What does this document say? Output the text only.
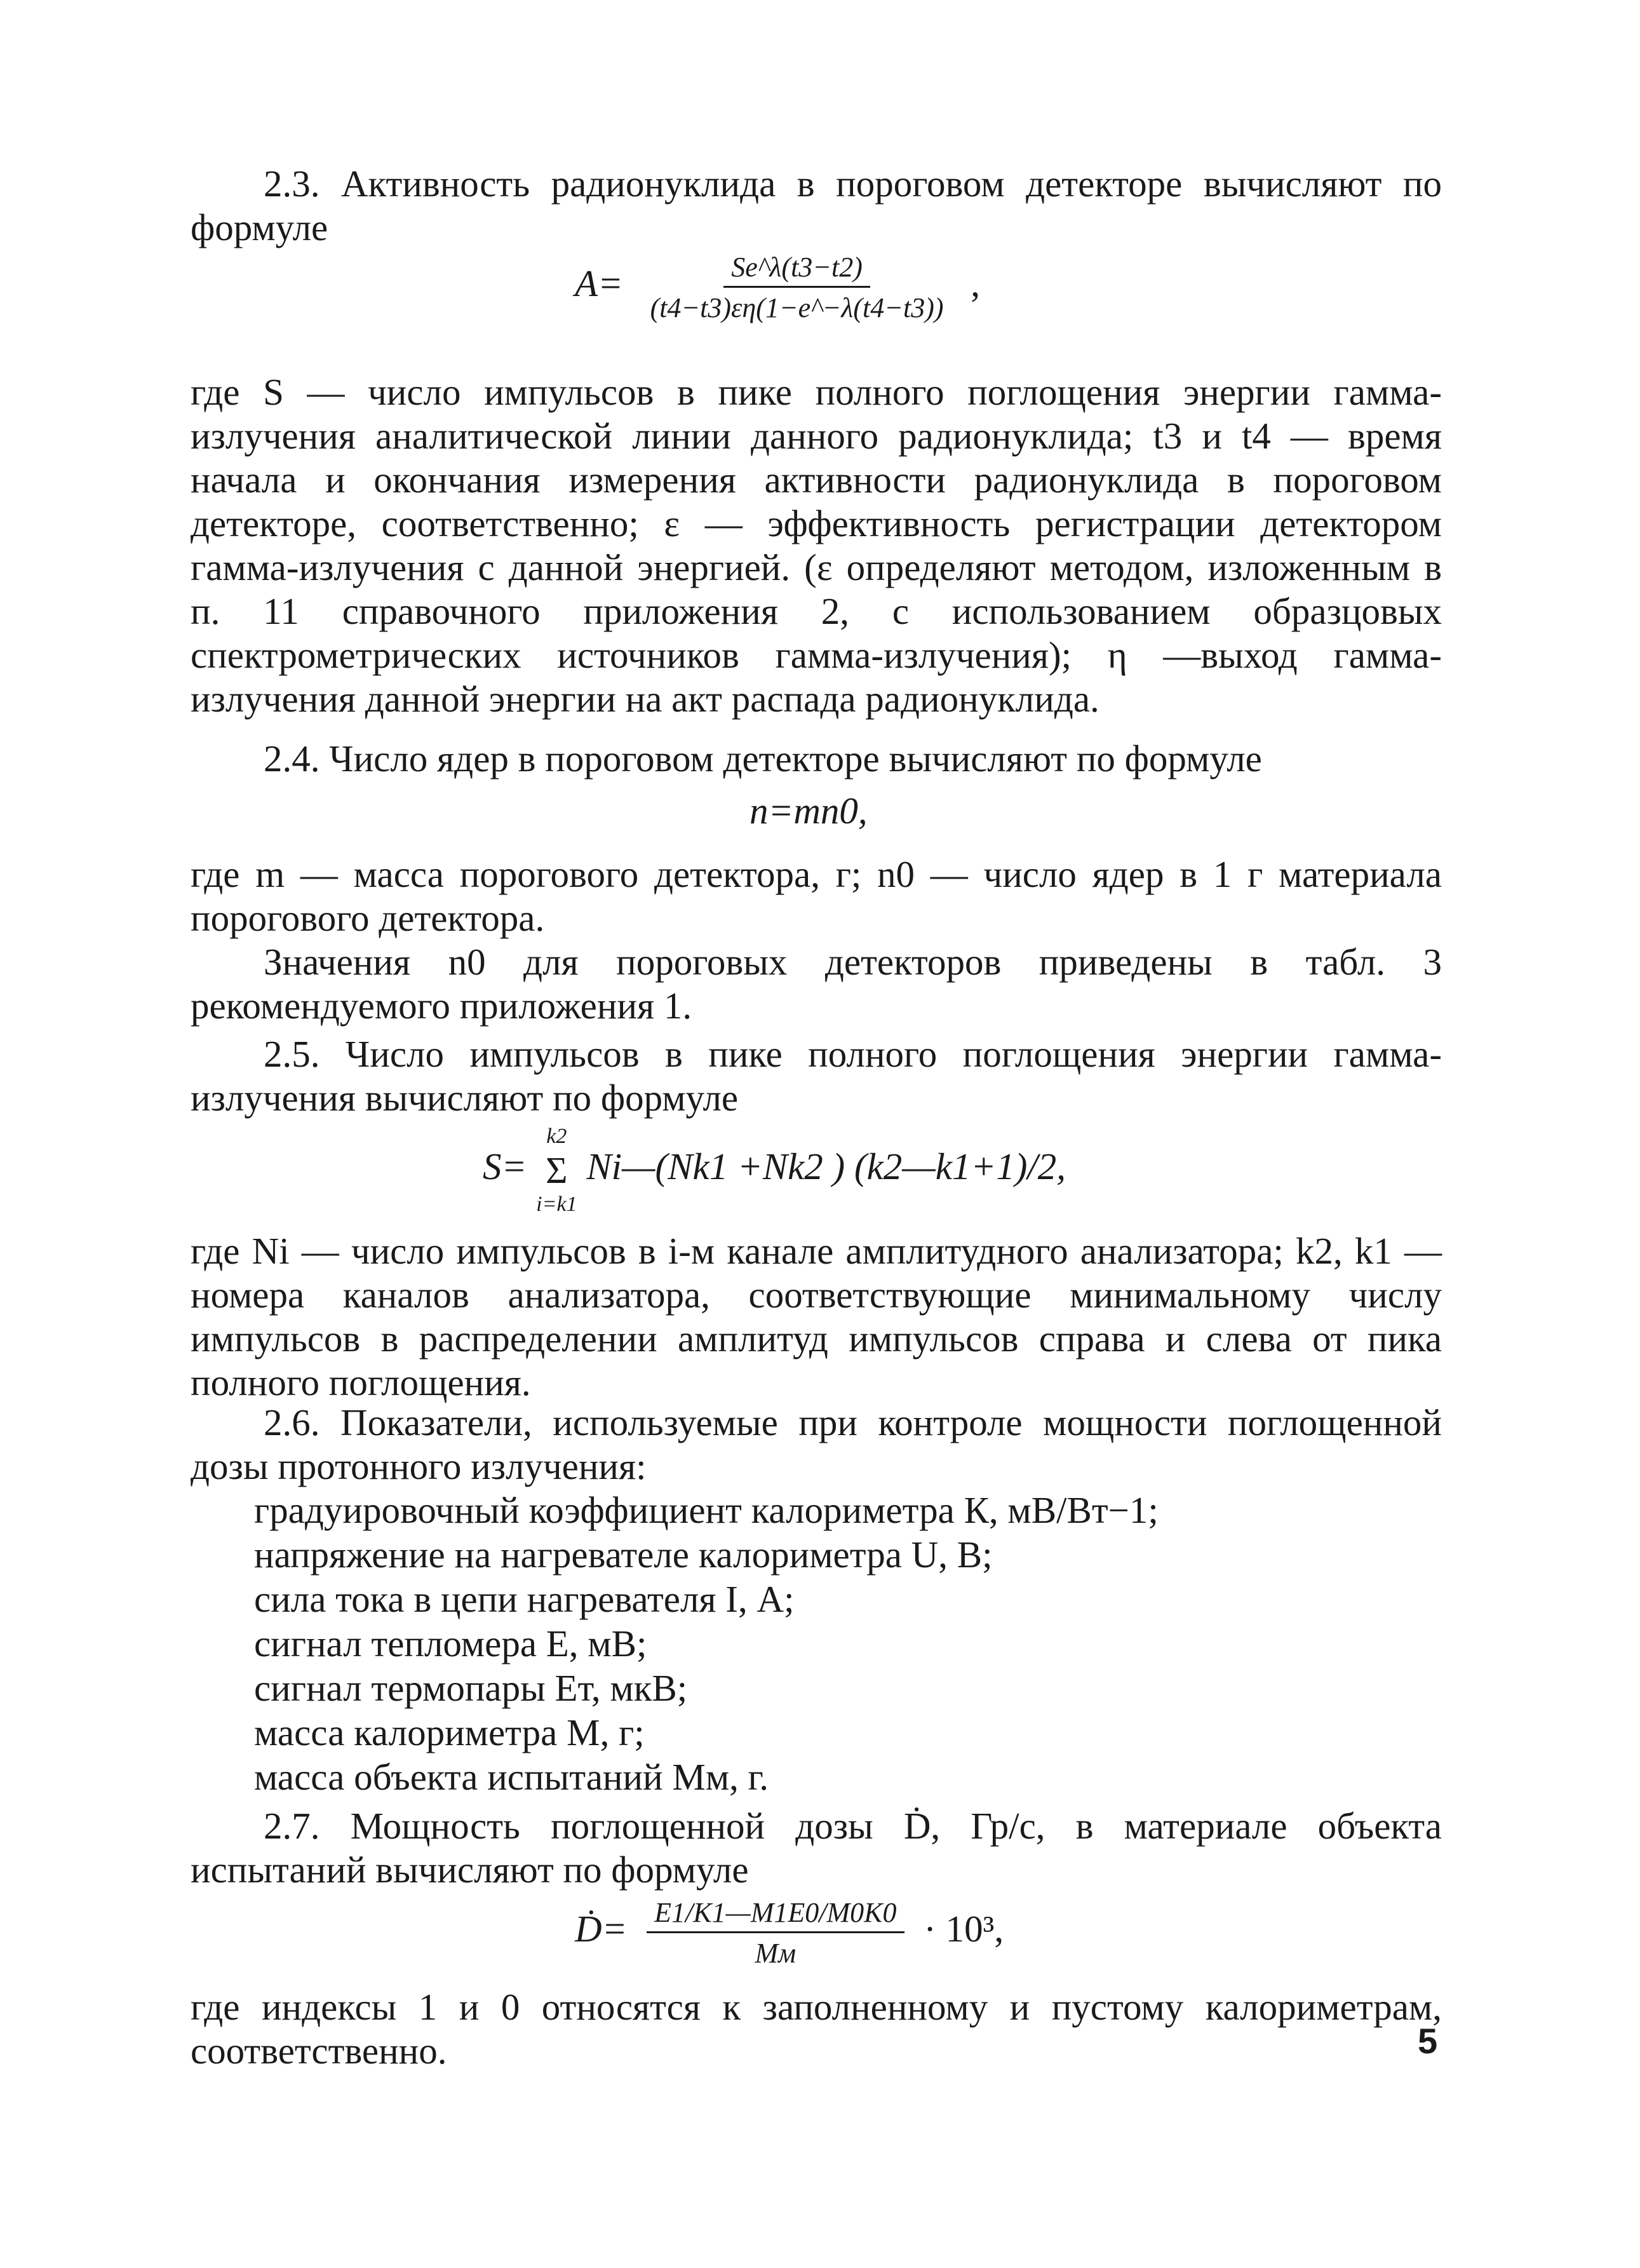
2.3. Активность радионуклида в пороговом детекторе вычисляют по формуле

$A= \frac{Se\^{}\lambda(t3-t2)}{(t4-t3)\varepsilon\eta(1-e\^{}-\lambda(t4-t3))}$ ,

где S — число импульсов в пике полного поглощения энергии гамма-излучения аналитической линии данного радионуклида; t3 и t4 — время начала и окончания измерения активности радионуклида в пороговом детекторе, соответственно; ε — эффективность регистрации детектором гамма-излучения с данной энергией. (ε определяют методом, изложенным в п. 11 справочного приложения 2, с использованием образцовых спектрометрических источников гамма-излучения); η —выход гамма-излучения данной энергии на акт распада радионуклида.

2.4. Число ядер в пороговом детекторе вычисляют по формуле

n=mn0,

где m — масса порогового детектора, г; n0 — число ядер в 1 г материала порогового детектора.

Значения n0 для пороговых детекторов приведены в табл. 3 рекомендуемого приложения 1.

2.5. Число импульсов в пике полного поглощения энергии гамма-излучения вычисляют по формуле

S=
k2
Σ
i=k1
Ni—(Nk1 +Nk2 ) (k2—k1+1)/2,

где Ni — число импульсов в i-м канале амплитудного анализатора; k2, k1 — номера каналов анализатора, соответствующие минимальному числу импульсов в распределении амплитуд импульсов справа и слева от пика полного поглощения.

2.6. Показатели, используемые при контроле мощности поглощенной дозы протонного излучения:

градуировочный коэффициент калориметра К, мВ/Вт−1;

напряжение на нагревателе калориметра U, В;

сила тока в цепи нагревателя I, А;

сигнал тепломера Е, мВ;

сигнал термопары Ет, мкВ;

масса калориметра М, г;

масса объекта испытаний Мм, г.

2.7. Мощность поглощенной дозы Ḋ, Гр/с, в материале объекта испытаний вычисляют по формуле

Ḋ= $\frac{E1/K1—M1E0/M0K0}{Mм} \cdot 10^3$,

где индексы 1 и 0 относятся к заполненному и пустому калориметрам, соответственно.	5
